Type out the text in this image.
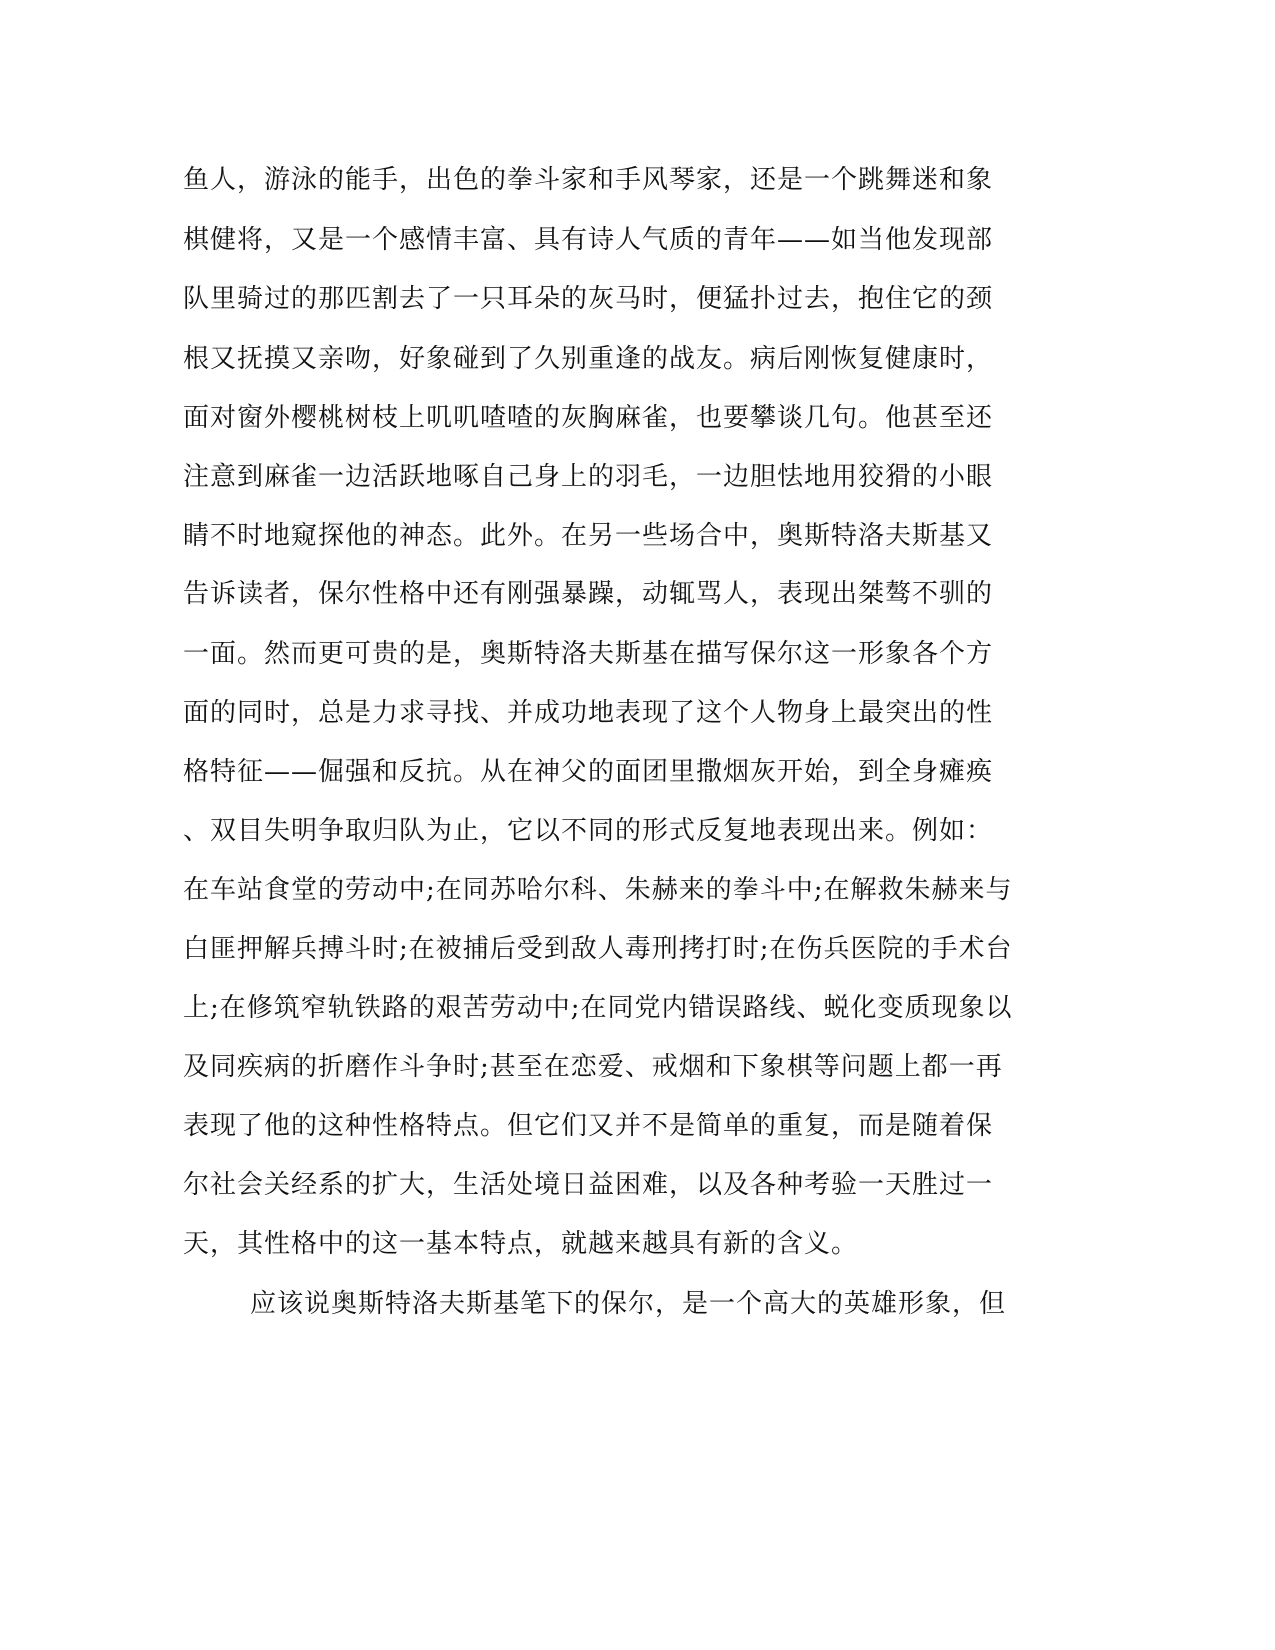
鱼人，游泳的能手，出色的拳斗家和手风琴家，还是一个跳舞迷和象
棋健将，又是一个感情丰富、具有诗人气质的青年——如当他发现部
队里骑过的那匹割去了一只耳朵的灰马时，便猛扑过去，抱住它的颈
根又抚摸又亲吻，好象碰到了久别重逢的战友。病后刚恢复健康时，
面对窗外樱桃树枝上叽叽喳喳的灰胸麻雀，也要攀谈几句。他甚至还
注意到麻雀一边活跃地啄自己身上的羽毛，一边胆怯地用狡猾的小眼
睛不时地窥探他的神态。此外。在另一些场合中，奥斯特洛夫斯基又
告诉读者，保尔性格中还有刚强暴躁，动辄骂人，表现出桀骜不驯的
一面。然而更可贵的是，奥斯特洛夫斯基在描写保尔这一形象各个方
面的同时，总是力求寻找、并成功地表现了这个人物身上最突出的性
格特征——倔强和反抗。从在神父的面团里撒烟灰开始，到全身瘫痪
、双目失明争取归队为止，它以不同的形式反复地表现出来。例如：
在车站食堂的劳动中;在同苏哈尔科、朱赫来的拳斗中;在解救朱赫来与
白匪押解兵搏斗时;在被捕后受到敌人毒刑拷打时;在伤兵医院的手术台
上;在修筑窄轨铁路的艰苦劳动中;在同党内错误路线、蜕化变质现象以
及同疾病的折磨作斗争时;甚至在恋爱、戒烟和下象棋等问题上都一再
表现了他的这种性格特点。但它们又并不是简单的重复，而是随着保
尔社会关经系的扩大，生活处境日益困难，以及各种考验一天胜过一
天，其性格中的这一基本特点，就越来越具有新的含义。
应该说奥斯特洛夫斯基笔下的保尔，是一个高大的英雄形象，但
